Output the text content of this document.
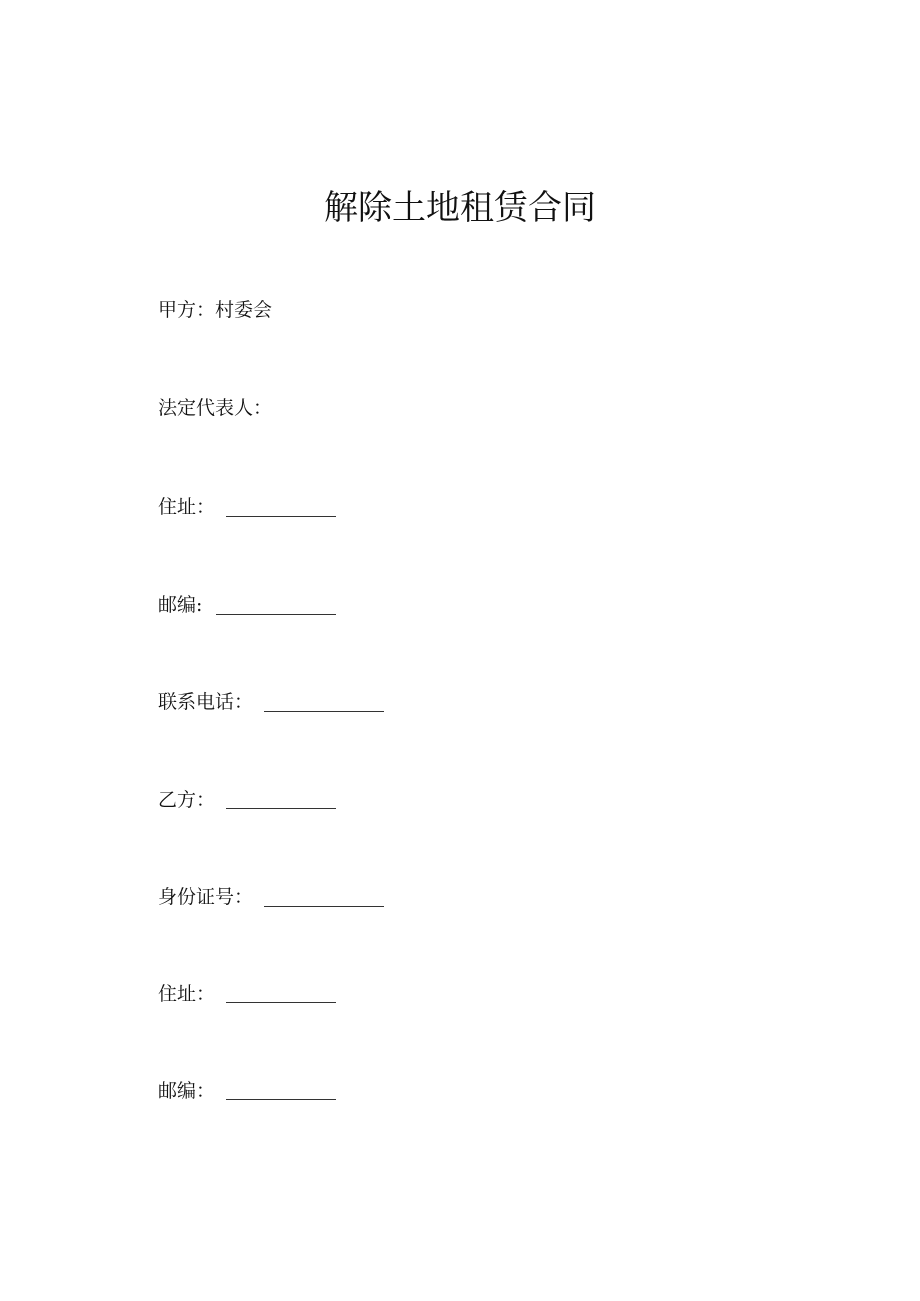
解除土地租赁合同
甲方：村委会
法定代表人：
住址：
邮编:
联系电话：
乙方：
身份证号：
住址：
邮编：
